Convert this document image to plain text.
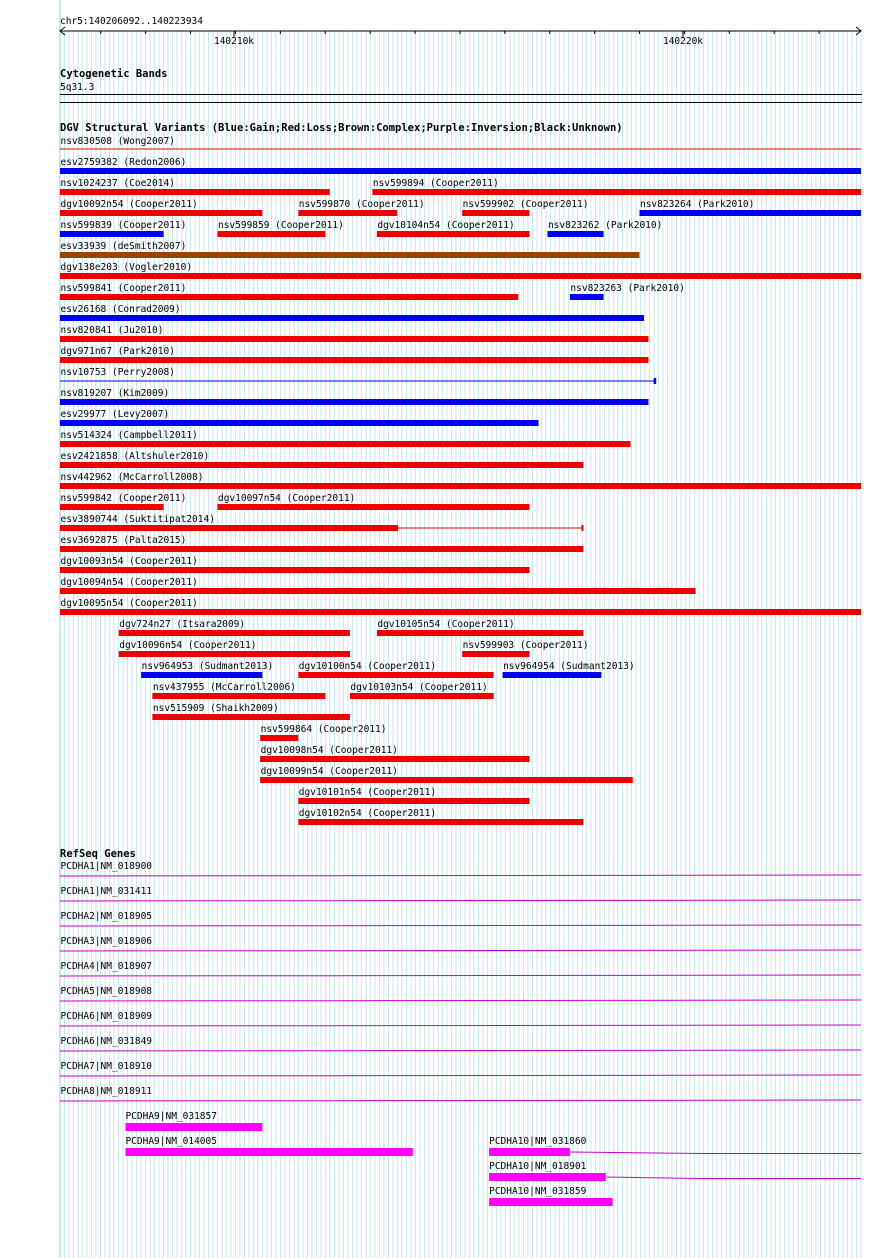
chr5:140206092..140223934
140210k	140220k
Cytogenetic Bands
5q31.3
DGV Structural Variants (Blue:Gain;Red:Loss;Brown:Complex;Purple:Inversion;Black:Unknown)
nsv830508 (Wong2007)
esv2759382 (Redon2006)
nsv1024237 (Coe2014)	nsv599894 (Cooper2011)
dgv10092n54 (Cooper2011)	nsv599870 (Cooper2011)	nsv599902 (Cooper2011)	nsv823264 (Park2010)
nsv599839 (Cooper2011)	nsv599859 (Cooper2011)	dgv10104n54 (Cooper2011)	nsv823262 (Park2010)
esv33939 (deSmith2007)
dgv138e203 (Vogler2010)
nsv599841 (Cooper2011)	nsv823263 (Park2010)
esv26168 (Conrad2009)
nsv820841 (Ju2010)
dgv971n67 (Park2010)
nsv10753 (Perry2008)
nsv819207 (Kim2009)
esv29977 (Levy2007)
nsv514324 (Campbell2011)
esv2421858 (Altshuler2010)
nsv442962 (McCarroll2008)
nsv599842 (Cooper2011)	dgv10097n54 (Cooper2011)
esv3890744 (Suktitipat2014)
esv3692875 (Palta2015)
dgv10093n54 (Cooper2011)
dgv10094n54 (Cooper2011)
dgv10095n54 (Cooper2011)
dgv724n27 (Itsara2009)	dgv10105n54 (Cooper2011)
dgv10096n54 (Cooper2011)	nsv599903 (Cooper2011)
nsv964953 (Sudmant2013)	dgv10100n54 (Cooper2011)	nsv964954 (Sudmant2013)
nsv437955 (McCarroll2006)	dgv10103n54 (Cooper2011)
nsv515909 (Shaikh2009)
nsv599864 (Cooper2011)
dgv10098n54 (Cooper2011)
dgv10099n54 (Cooper2011)
dgv10101n54 (Cooper2011)
dgv10102n54 (Cooper2011)
RefSeq Genes
PCDHA1|NM_018900
PCDHA1|NM_031411
PCDHA2|NM_018905
PCDHA3|NM_018906
PCDHA4|NM_018907
PCDHA5|NM_018908
PCDHA6|NM_018909
PCDHA6|NM_031849
PCDHA7|NM_018910
PCDHA8|NM_018911
PCDHA9|NM_031857
PCDHA9|NM_014005	PCDHA10|NM_031860
PCDHA10|NM_018901
PCDHA10|NM_031859
